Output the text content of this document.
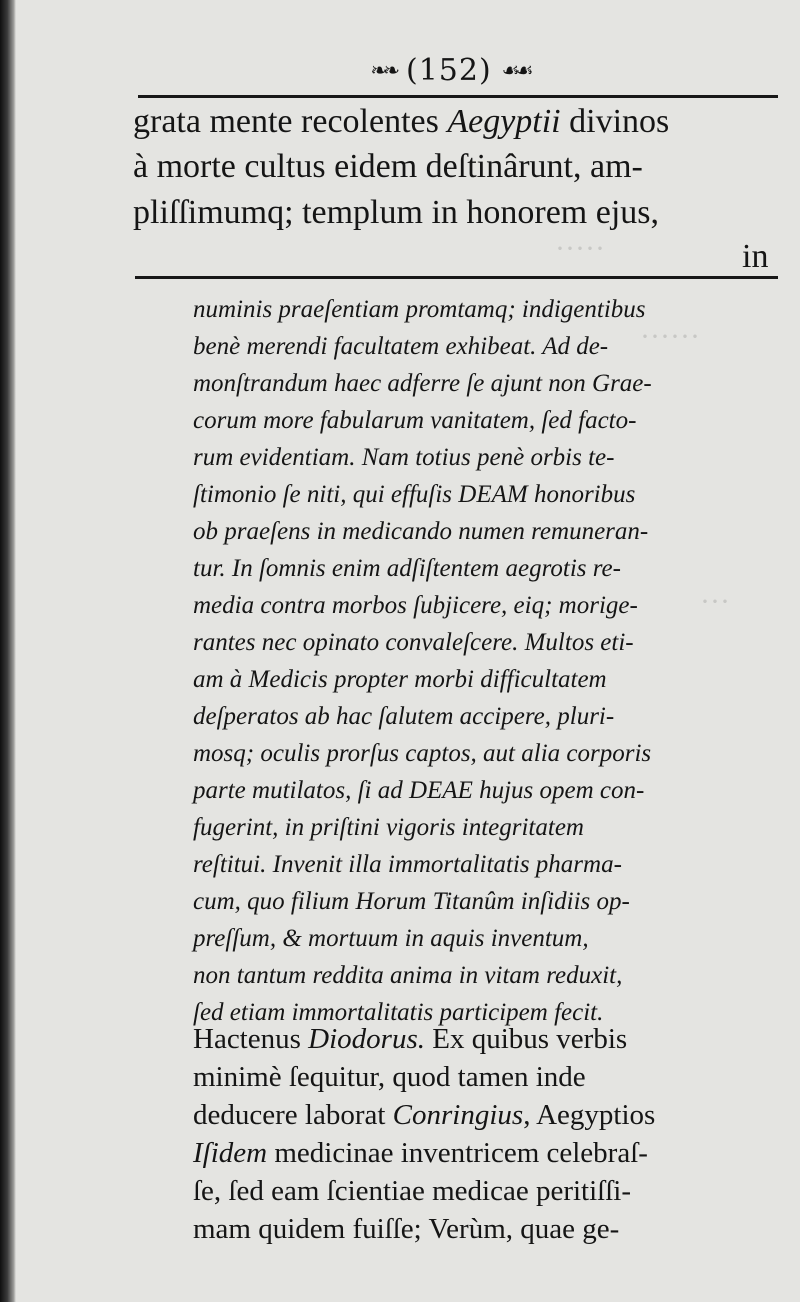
·····
······
···
❧❧ ( 152 ) ☙☙
grata mente recolentes Aegyptii divinos
à morte cultus eidem deſtinârunt, am-
pliſſimumq; templum in honorem ejus,
in
numinis praeſentiam promtamq; indigentibus
benè merendi facultatem exhibeat. Ad de-
monſtrandum haec adferre ſe ajunt non Grae-
corum more fabularum vanitatem, ſed facto-
rum evidentiam. Nam totius penè orbis te-
ſtimonio ſe niti, qui effuſis DEAM honoribus
ob praeſens in medicando numen remuneran-
tur. In ſomnis enim adſiſtentem aegrotis re-
media contra morbos ſubjicere, eiq; morige-
rantes nec opinato convaleſcere. Multos eti-
am à Medicis propter morbi difficultatem
deſperatos ab hac ſalutem accipere, pluri-
mosq; oculis prorſus captos, aut alia corporis
parte mutilatos, ſi ad DEAE hujus opem con-
fugerint, in priſtini vigoris integritatem
reſtitui. Invenit illa immortalitatis pharma-
cum, quo filium Horum Titanûm inſidiis op-
preſſum, & mortuum in aquis inventum,
non tantum reddita anima in vitam reduxit,
ſed etiam immortalitatis participem fecit.
Hactenus Diodorus. Ex quibus verbis
minimè ſequitur, quod tamen inde
deducere laborat Conringius, Aegyptios
Iſidem medicinae inventricem celebraſ-
ſe, ſed eam ſcientiae medicae peritiſſi-
mam quidem fuiſſe; Verùm, quae ge-
